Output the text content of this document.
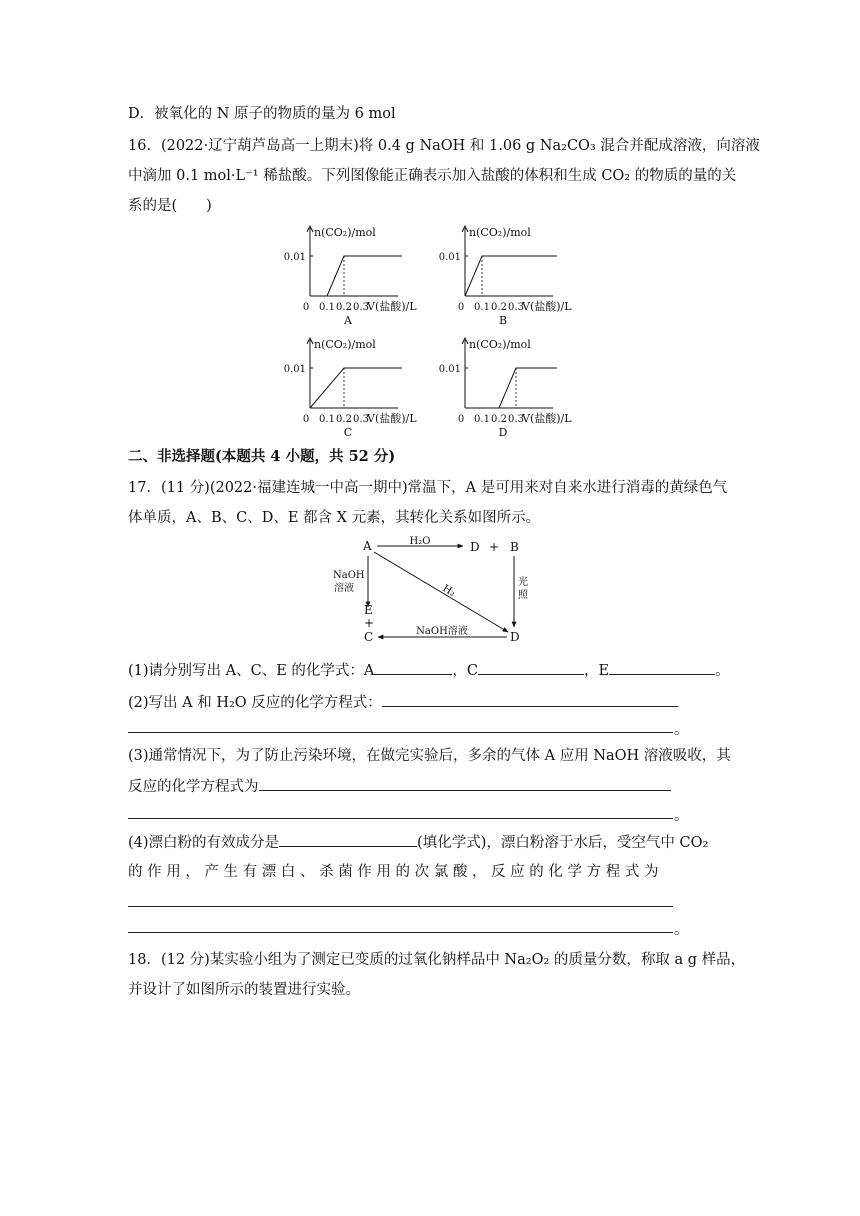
D．被氧化的 N 原子的物质的量为 6 mol
16．(2022·辽宁葫芦岛高一上期末)将 0.4 g NaOH 和 1.06 g Na₂CO₃ 混合并配成溶液，向溶液
中滴加 0.1 mol·L⁻¹ 稀盐酸。下列图像能正确表示加入盐酸的体积和生成 CO₂ 的物质的量的关
系的是(　　)
n(CO₂)/mol
0.01
0 0.1 0.2 0.3
V(盐酸)/L
A
n(CO₂)/mol
0.01
0 0.1 0.2 0.3
V(盐酸)/L
B
n(CO₂)/mol
0.01
0 0.1 0.2 0.3
V(盐酸)/L
C
n(CO₂)/mol
0.01
0 0.1 0.2 0.3
V(盐酸)/L
D
二、非选择题(本题共 4 小题，共 52 分)
17．(11 分)(2022·福建连城一中高一期中)常温下，A 是可用来对自来水进行消毒的黄绿色气
体单质，A、B、C、D、E 都含 X 元素，其转化关系如图所示。
A	D + B
H₂O
NaOH
溶液
E
+
C
光
照
H₂
D
NaOH溶液
(1)请分别写出 A、C、E 的化学式：A	，C	，E	。
(2)写出 A 和 H₂O 反应的化学方程式：
。
(3)通常情况下，为了防止污染环境，在做完实验后，多余的气体 A 应用 NaOH 溶液吸收，其
反应的化学方程式为
。
(4)漂白粉的有效成分是	(填化学式)，漂白粉溶于水后，受空气中 CO₂
的 作 用 ， 产 生 有 漂 白 、 杀 菌 作 用 的 次 氯 酸 ， 反 应 的 化 学 方 程 式 为
。
18．(12 分)某实验小组为了测定已变质的过氧化钠样品中 Na₂O₂ 的质量分数，称取 a g 样品，
并设计了如图所示的装置进行实验。
